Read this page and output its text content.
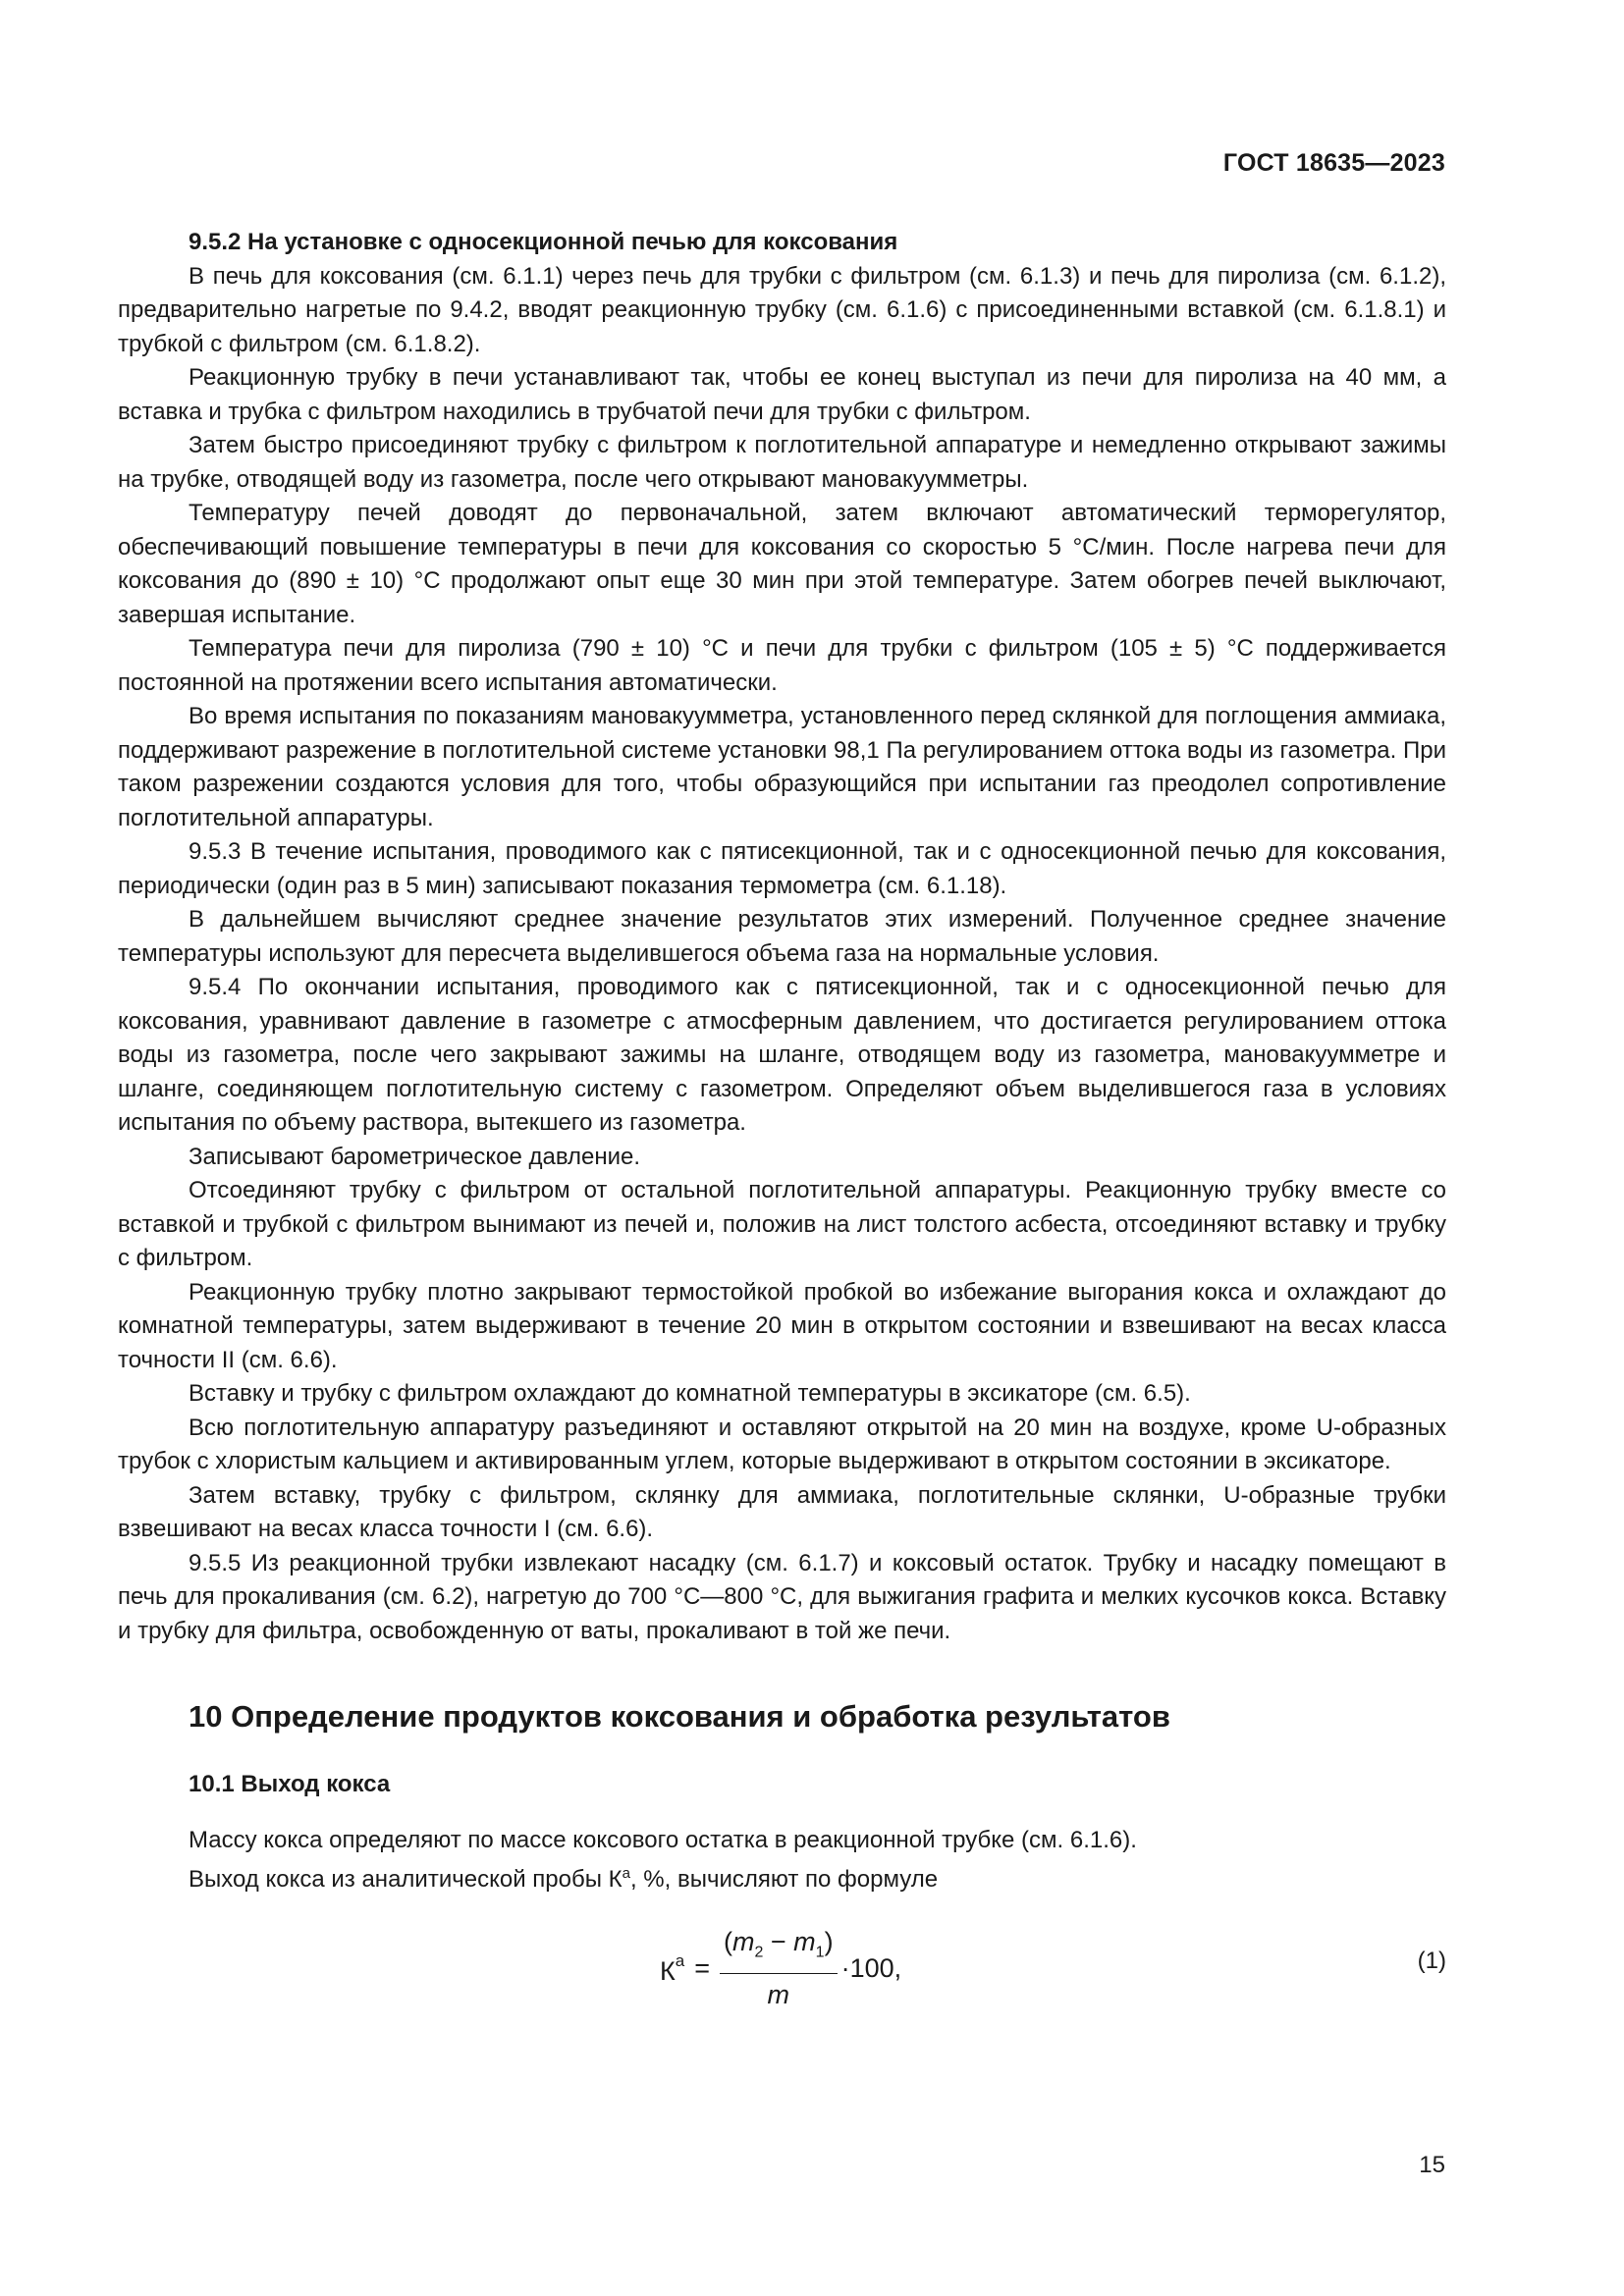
ГОСТ 18635—2023

9.5.2 На установке с односекционной печью для коксования

В печь для коксования (см. 6.1.1) через печь для трубки с фильтром (см. 6.1.3) и печь для пиролиза (см. 6.1.2), предварительно нагретые по 9.4.2, вводят реакционную трубку (см. 6.1.6) с присоединенными вставкой (см. 6.1.8.1) и трубкой с фильтром (см. 6.1.8.2).

Реакционную трубку в печи устанавливают так, чтобы ее конец выступал из печи для пиролиза на 40 мм, а вставка и трубка с фильтром находились в трубчатой печи для трубки с фильтром.

Затем быстро присоединяют трубку с фильтром к поглотительной аппаратуре и немедленно открывают зажимы на трубке, отводящей воду из газометра, после чего открывают мановакуумметры.

Температуру печей доводят до первоначальной, затем включают автоматический терморегулятор, обеспечивающий повышение температуры в печи для коксования со скоростью 5 °С/мин. После нагрева печи для коксования до (890 ± 10) °С продолжают опыт еще 30 мин при этой температуре. Затем обогрев печей выключают, завершая испытание.

Температура печи для пиролиза (790 ± 10) °С и печи для трубки с фильтром (105 ± 5) °С поддерживается постоянной на протяжении всего испытания автоматически.

Во время испытания по показаниям мановакуумметра, установленного перед склянкой для поглощения аммиака, поддерживают разрежение в поглотительной системе установки 98,1 Па регулированием оттока воды из газометра. При таком разрежении создаются условия для того, чтобы образующийся при испытании газ преодолел сопротивление поглотительной аппаратуры.

9.5.3 В течение испытания, проводимого как с пятисекционной, так и с односекционной печью для коксования, периодически (один раз в 5 мин) записывают показания термометра (см. 6.1.18).

В дальнейшем вычисляют среднее значение результатов этих измерений. Полученное среднее значение температуры используют для пересчета выделившегося объема газа на нормальные условия.

9.5.4 По окончании испытания, проводимого как с пятисекционной, так и с односекционной печью для коксования, уравнивают давление в газометре с атмосферным давлением, что достигается регулированием оттока воды из газометра, после чего закрывают зажимы на шланге, отводящем воду из газометра, мановакуумметре и шланге, соединяющем поглотительную систему с газометром. Определяют объем выделившегося газа в условиях испытания по объему раствора, вытекшего из газометра.

Записывают барометрическое давление.

Отсоединяют трубку с фильтром от остальной поглотительной аппаратуры. Реакционную трубку вместе со вставкой и трубкой с фильтром вынимают из печей и, положив на лист толстого асбеста, отсоединяют вставку и трубку с фильтром.

Реакционную трубку плотно закрывают термостойкой пробкой во избежание выгорания кокса и охлаждают до комнатной температуры, затем выдерживают в течение 20 мин в открытом состоянии и взвешивают на весах класса точности II (см. 6.6).

Вставку и трубку с фильтром охлаждают до комнатной температуры в эксикаторе (см. 6.5).

Всю поглотительную аппаратуру разъединяют и оставляют открытой на 20 мин на воздухе, кроме U-образных трубок с хлористым кальцием и активированным углем, которые выдерживают в открытом состоянии в эксикаторе.

Затем вставку, трубку с фильтром, склянку для аммиака, поглотительные склянки, U-образные трубки взвешивают на весах класса точности I (см. 6.6).

9.5.5 Из реакционной трубки извлекают насадку (см. 6.1.7) и коксовый остаток. Трубку и насадку помещают в печь для прокаливания (см. 6.2), нагретую до 700 °С—800 °С, для выжигания графита и мелких кусочков кокса. Вставку и трубку для фильтра, освобожденную от ваты, прокаливают в той же печи.

10 Определение продуктов коксования и обработка результатов
10.1 Выход кокса

Массу кокса определяют по массе коксового остатка в реакционной трубке (см. 6.1.6).

Выход кокса из аналитической пробы $К^а$, %, вычисляют по формуле

$К^а = \frac{(m_2 - m_1)}{m} \cdot 100$,	(1)
15
